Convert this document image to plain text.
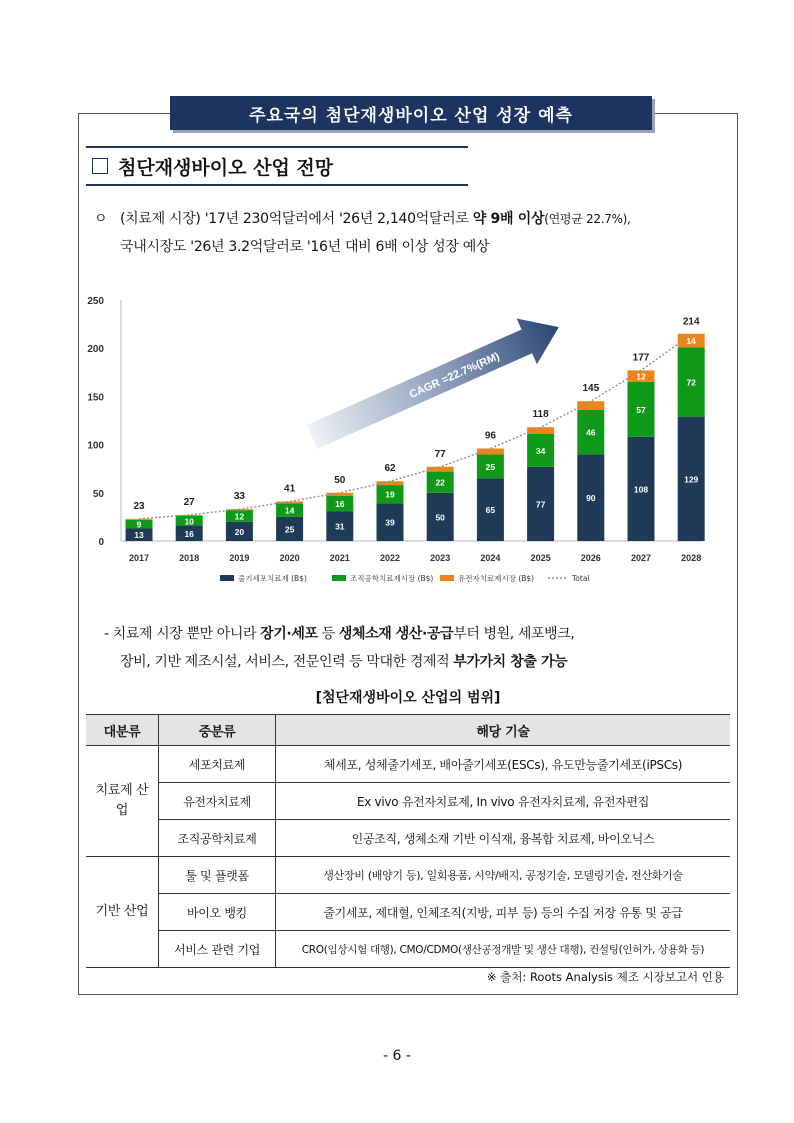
주요국의 첨단재생바이오 산업 성장 예측
첨단재생바이오 산업 전망
ㅇ (치료제 시장) '17년 230억달러에서 '26년 2,140억달러로 약 9배 이상(연평균 22.7%),
국내시장도 '26년 3.2억달러로 '16년 대비 6배 이상 성장 예상
0
50
100
150
200
250
CAGR =22.7%(RM)
13
9
23
2017
16
10
27
2018
20
12
33
2019
25
14
41
2020
31
16
50
2021
39
19
62
2022
50
22
77
2023
65
25
96
2024
77
34
118
2025
90
46
145
2026
108
57
12
177
2027
129
72
14
214
2028
줄기세포치료제 (B$)	조직공학치료제시장 (B$)	유전자치료제시장 (B$)	Total
- 치료제 시장 뿐만 아니라 장기·세포 등 생체소재 생산·공급부터 병원, 세포뱅크,
장비, 기반 제조시설, 서비스, 전문인력 등 막대한 경제적 부가가치 창출 가능
[첨단재생바이오 산업의 범위]
대분류	중분류	해당 기술
치료제 산업	세포치료제	체세포, 성체줄기세포, 배아줄기세포(ESCs), 유도만능줄기세포(iPSCs)
	유전자치료제	Ex vivo 유전자치료제, In vivo 유전자치료제, 유전자편집
	조직공학치료제	인공조직, 생체소재 기반 이식재, 융복합 치료제, 바이오닉스
기반 산업	툴 및 플랫폼	생산장비 (배양기 등), 일회용품, 시약/배지, 공정기술, 모델링기술, 전산화기술
	바이오 뱅킹	줄기세포, 제대혈, 인체조직(지방, 피부 등) 등의 수집 저장 유통 및 공급
	서비스 관련 기업	CRO(임상시험 대행), CMO/CDMO(생산공정개발 및 생산 대행), 컨설팅(인허가, 상용화 등)
※ 출처: Roots Analysis 제조 시장보고서 인용
- 6 -
